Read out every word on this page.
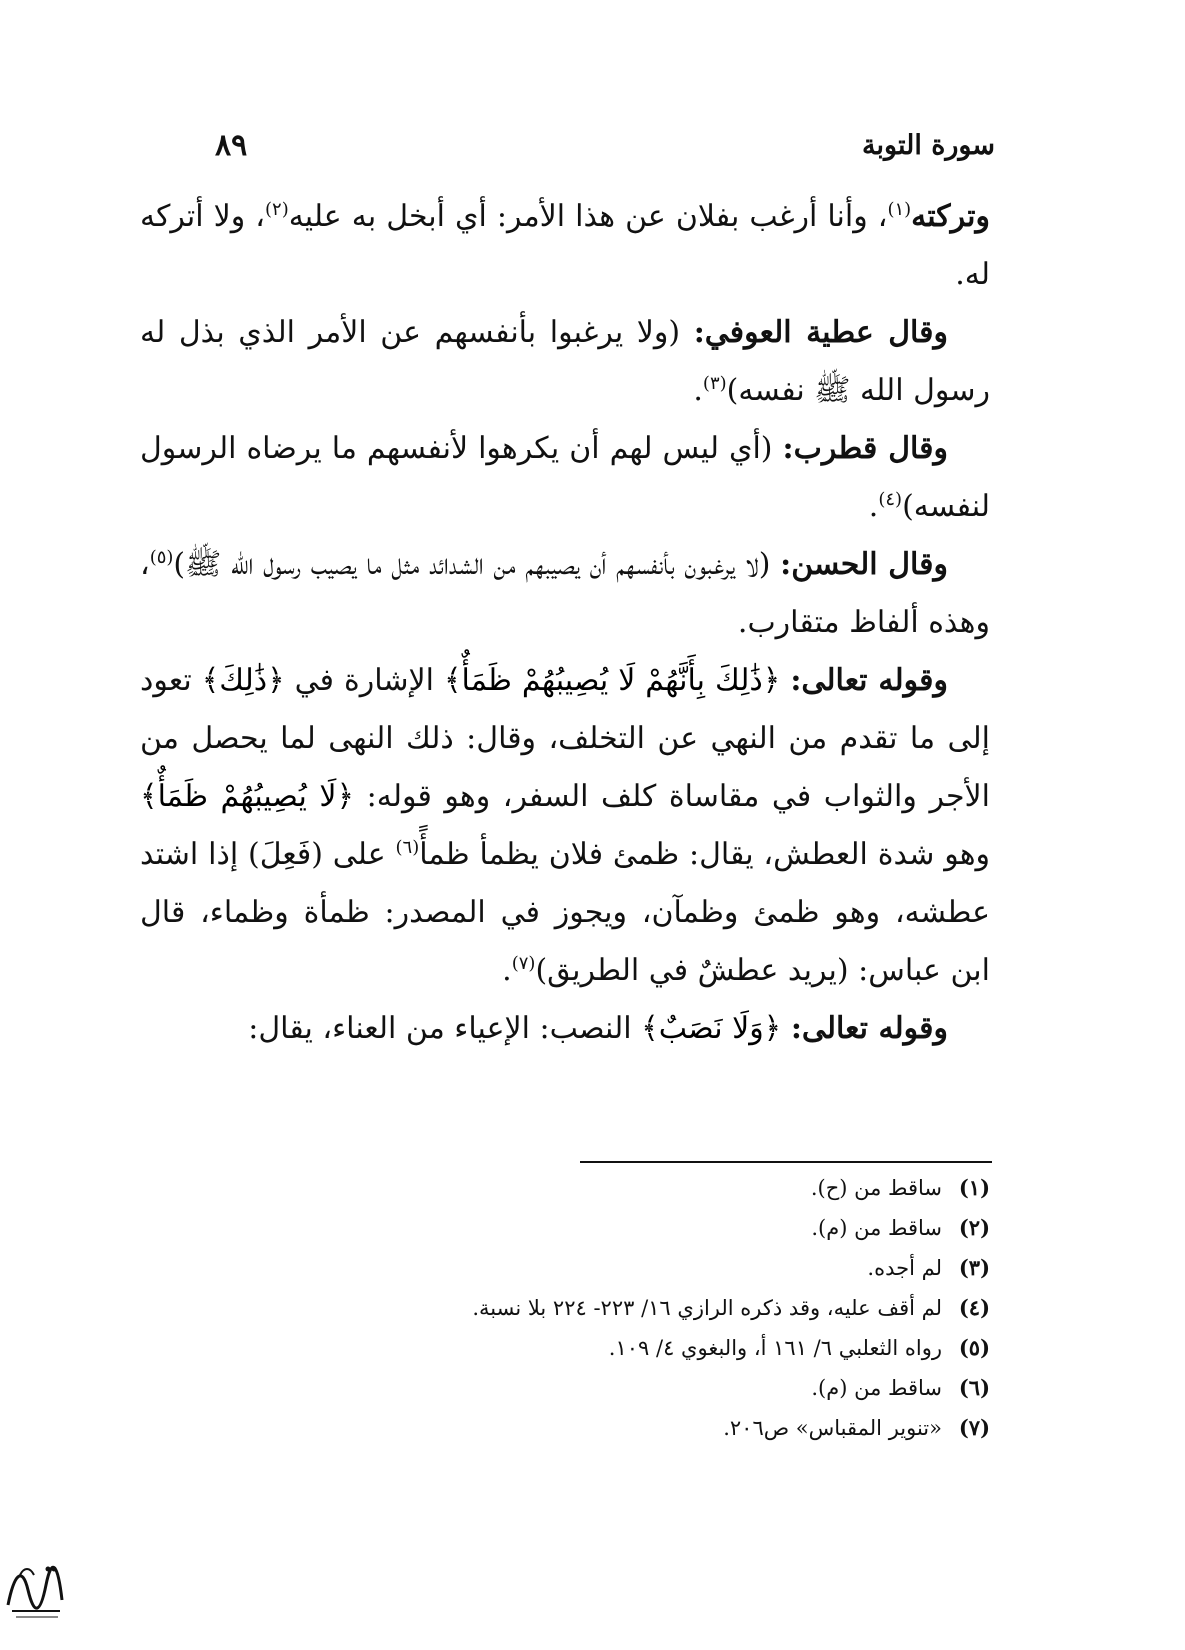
سورة التوبة
٨٩

وتركته$^{(١)}$، وأنا أرغب بفلان عن هذا الأمر: أي أبخل به عليه$^{(٢)}$، ولا أتركه له.

وقال عطية العوفي: (ولا يرغبوا بأنفسهم عن الأمر الذي بذل له رسول الله ﷺ نفسه)$^{(٣)}$.

وقال قطرب: (أي ليس لهم أن يكرهوا لأنفسهم ما يرضاه الرسول لنفسه)$^{(٤)}$.

وقال الحسن: (لا يرغبون بأنفسهم أن يصيبهم من الشدائد مثل ما يصيب رسول الله ﷺ)$^{(٥)}$، وهذه ألفاظ متقارب.

وقوله تعالى: ﴿ذَٰلِكَ بِأَنَّهُمْ لَا يُصِيبُهُمْ ظَمَأٌ﴾ الإشارة في ﴿ذَٰلِكَ﴾ تعود إلى ما تقدم من النهي عن التخلف، وقال: ذلك النهى لما يحصل من الأجر والثواب في مقاساة كلف السفر، وهو قوله: ﴿لَا يُصِيبُهُمْ ظَمَأٌ﴾ وهو شدة العطش، يقال: ظمئ فلان يظمأ ظمأً$^{(٦)}$ على (فَعِلَ) إذا اشتد عطشه، وهو ظمئ وظمآن، ويجوز في المصدر: ظمأة وظماء، قال ابن عباس: (يريد عطشٌ في الطريق)$^{(٧)}$.

وقوله تعالى: ﴿وَلَا نَصَبٌ﴾ النصب: الإعياء من العناء، يقال:

(١)
ساقط من (ح).
(٢)
ساقط من (م).
(٣)
لم أجده.
(٤)
لم أقف عليه، وقد ذكره الرازي ١٦/ ٢٢٣- ٢٢٤ بلا نسبة.
(٥)
رواه الثعلبي ٦/ ١٦١ أ، والبغوي ٤/ ١٠٩.
(٦)
ساقط من (م).
(٧)
«تنوير المقباس» ص٢٠٦.
